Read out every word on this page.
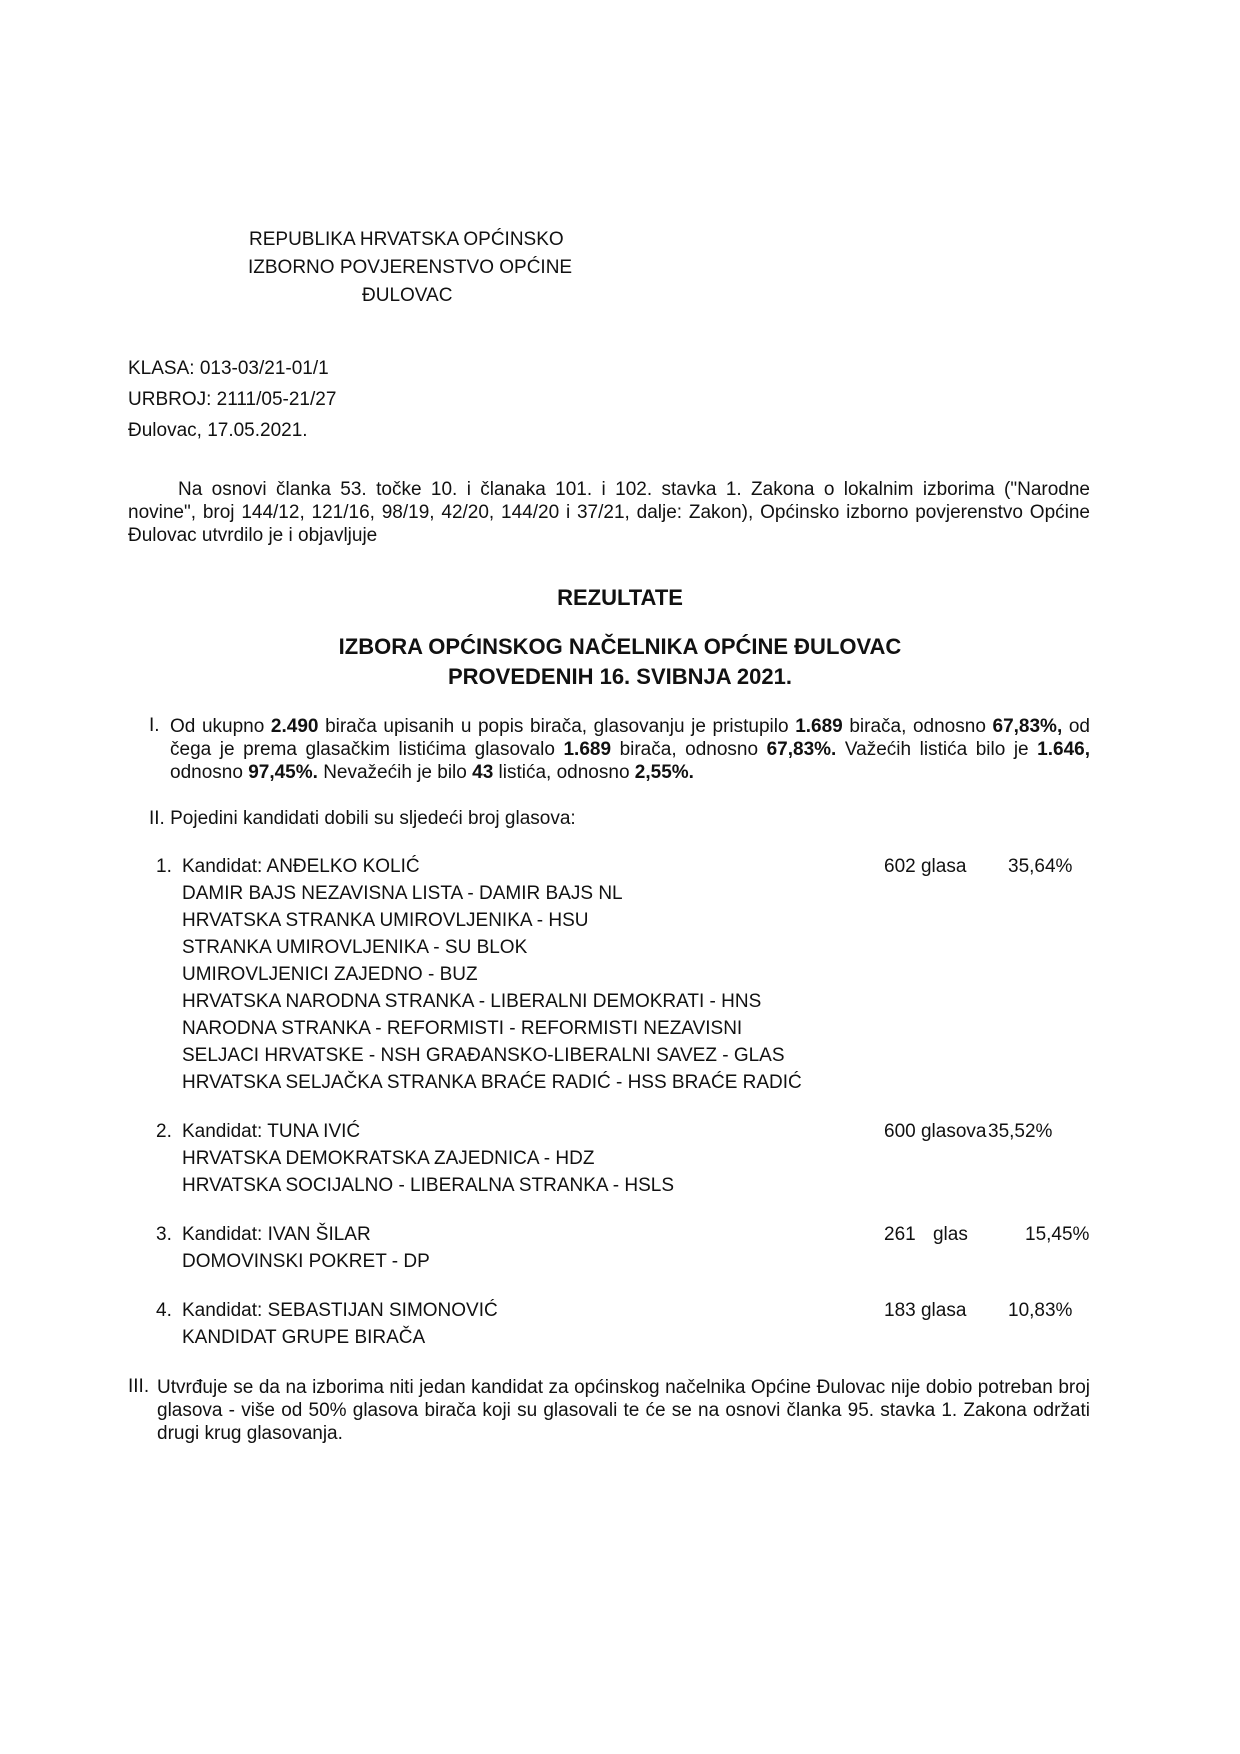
REPUBLIKA HRVATSKA OPĆINSKO
IZBORNO POVJERENSTVO OPĆINE
ĐULOVAC
KLASA: 013-03/21-01/1
URBROJ: 2111/05-21/27
Đulovac, 17.05.2021.
Na osnovi članka 53. točke 10. i članaka 101. i 102. stavka 1. Zakona o lokalnim izborima ("Narodne novine", broj 144/12, 121/16, 98/19, 42/20, 144/20 i 37/21, dalje: Zakon), Općinsko izborno povjerenstvo Općine Đulovac utvrdilo je i objavljuje
REZULTATE
IZBORA OPĆINSKOG NAČELNIKA OPĆINE ĐULOVAC
PROVEDENIH 16. SVIBNJA 2021.
I. Od ukupno 2.490 birača upisanih u popis birača, glasovanju je pristupilo 1.689 birača, odnosno 67,83%, od čega je prema glasačkim listićima glasovalo 1.689 birača, odnosno 67,83%. Važećih listića bilo je 1.646, odnosno 97,45%. Nevažećih je bilo 43 listića, odnosno 2,55%.
II. Pojedini kandidati dobili su sljedeći broj glasova:
1. Kandidat: ANĐELKO KOLIĆ	602 glasa 35,64%
DAMIR BAJS NEZAVISNA LISTA - DAMIR BAJS NL
HRVATSKA STRANKA UMIROVLJENIKA - HSU
STRANKA UMIROVLJENIKA - SU BLOK
UMIROVLJENICI ZAJEDNO - BUZ
HRVATSKA NARODNA STRANKA - LIBERALNI DEMOKRATI - HNS
NARODNA STRANKA - REFORMISTI - REFORMISTI NEZAVISNI
SELJACI HRVATSKE - NSH GRAĐANSKO-LIBERALNI SAVEZ - GLAS
HRVATSKA SELJAČKA STRANKA BRAĆE RADIĆ - HSS BRAĆE RADIĆ
2. Kandidat: TUNA IVIĆ	600 glasova 35,52%
HRVATSKA DEMOKRATSKA ZAJEDNICA - HDZ
HRVATSKA SOCIJALNO - LIBERALNA STRANKA - HSLS
3. Kandidat: IVAN ŠILAR	261 glas	15,45%
DOMOVINSKI POKRET - DP
4. Kandidat: SEBASTIJAN SIMONOVIĆ	183 glasa 10,83%
KANDIDAT GRUPE BIRAČA
III. Utvrđuje se da na izborima niti jedan kandidat za općinskog načelnika Općine Đulovac nije dobio potreban broj glasova - više od 50% glasova birača koji su glasovali te će se na osnovi članka 95. stavka 1. Zakona održati drugi krug glasovanja.
